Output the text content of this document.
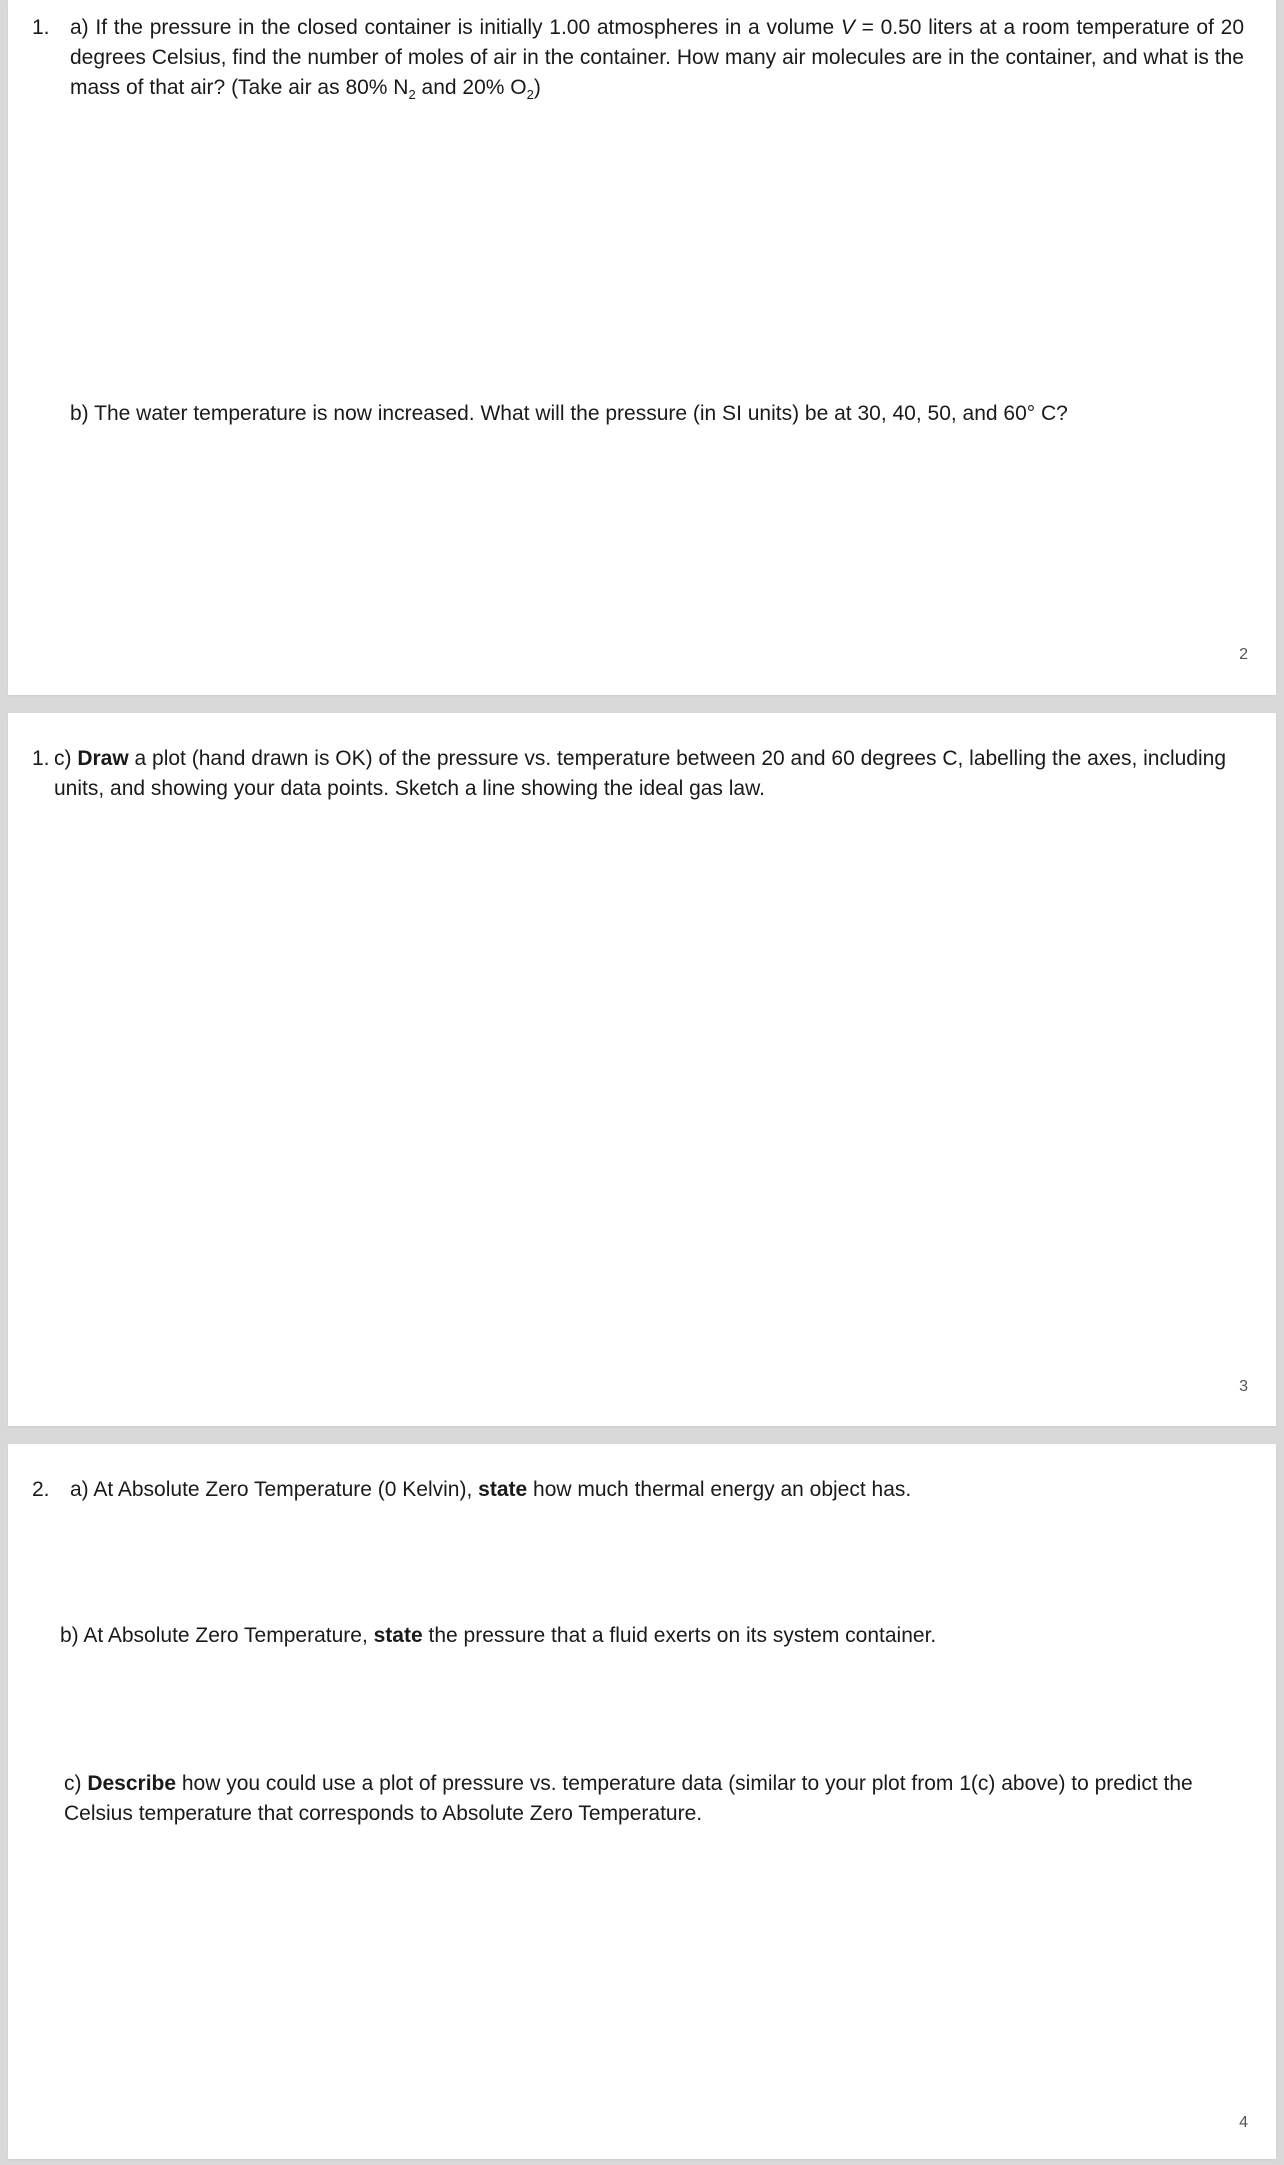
1. a) If the pressure in the closed container is initially 1.00 atmospheres in a volume V = 0.50 liters at a room temperature of 20 degrees Celsius, find the number of moles of air in the container. How many air molecules are in the container, and what is the mass of that air? (Take air as 80% $N_2$ and 20% $O_2$)
b) The water temperature is now increased. What will the pressure (in SI units) be at 30, 40, 50, and 60° C?
2
1. c) Draw a plot (hand drawn is OK) of the pressure vs. temperature between 20 and 60 degrees C, labelling the axes, including units, and showing your data points. Sketch a line showing the ideal gas law.
3
2. a) At Absolute Zero Temperature (0 Kelvin), state how much thermal energy an object has.
b) At Absolute Zero Temperature, state the pressure that a fluid exerts on its system container.
c) Describe how you could use a plot of pressure vs. temperature data (similar to your plot from 1(c) above) to predict the Celsius temperature that corresponds to Absolute Zero Temperature.
4
